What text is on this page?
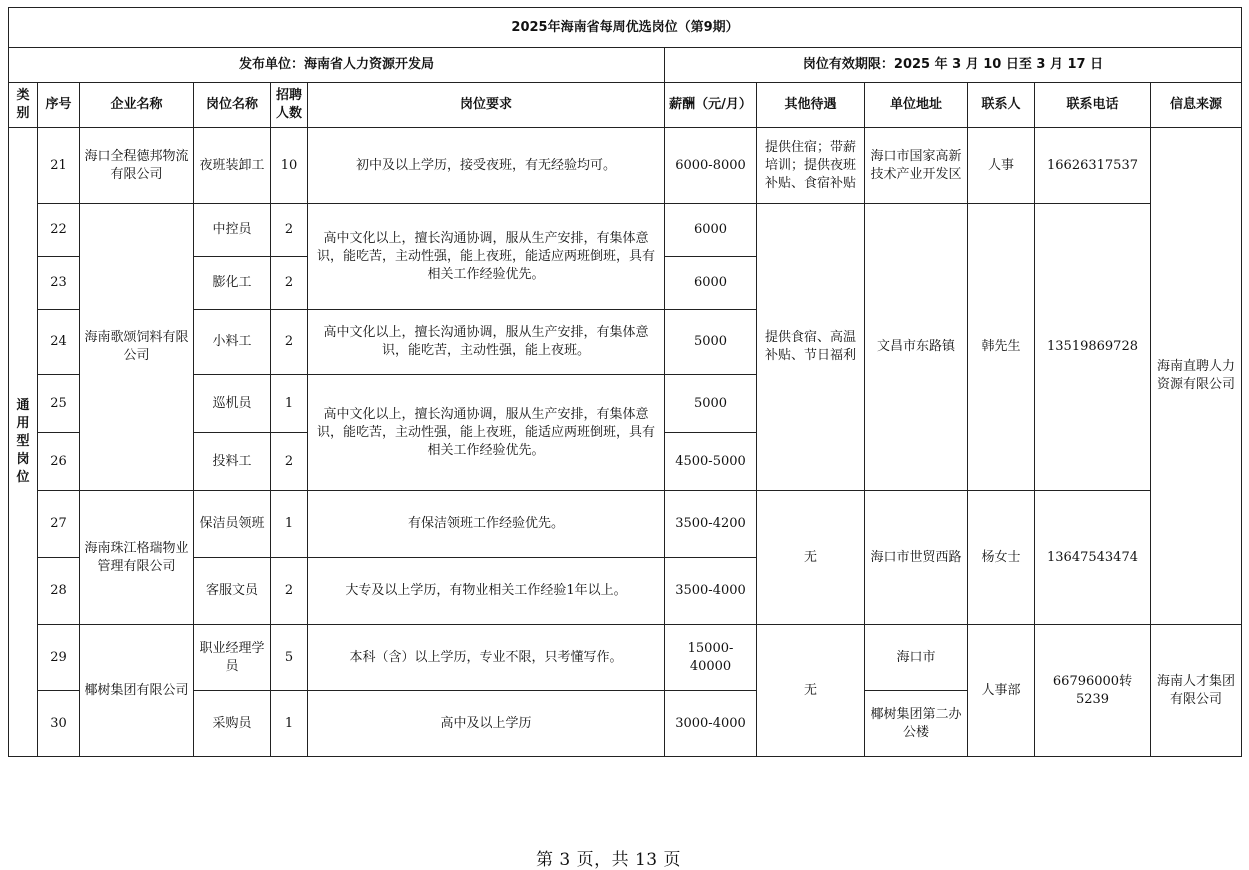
2025年海南省每周优选岗位（第9期）											
发布单位：海南省人力资源开发局						岗位有效期限：2025 年 3 月 10 日至 3 月 17 日					
类别	序号	企业名称	岗位名称	招聘人数	岗位要求	薪酬（元/月）	其他待遇	单位地址	联系人	联系电话	信息来源
通用型岗位	21	海口全程德邦物流有限公司	夜班装卸工	10	初中及以上学历，接受夜班，有无经验均可。	6000-8000	提供住宿；带薪培训；提供夜班补贴、食宿补贴	海口市国家高新技术产业开发区	人事	16626317537	海南直聘人力资源有限公司
	22	海南歌颂饲料有限公司	中控员	2	高中文化以上，擅长沟通协调，服从生产安排，有集体意识，能吃苦，主动性强，能上夜班，能适应两班倒班，具有相关工作经验优先。	6000	提供食宿、高温补贴、节日福利	文昌市东路镇	韩先生	13519869728	
	23		膨化工	2		6000					
	24		小料工	2	高中文化以上，擅长沟通协调，服从生产安排，有集体意识，能吃苦，主动性强，能上夜班。	5000					
	25		巡机员	1	高中文化以上，擅长沟通协调，服从生产安排，有集体意识，能吃苦，主动性强，能上夜班，能适应两班倒班，具有相关工作经验优先。	5000					
	26		投料工	2		4500-5000					
	27	海南珠江格瑞物业管理有限公司	保洁员领班	1	有保洁领班工作经验优先。	3500-4200	无	海口市世贸西路	杨女士	13647543474	
	28		客服文员	2	大专及以上学历，有物业相关工作经验1年以上。	3500-4000					
	29	椰树集团有限公司	职业经理学员	5	本科（含）以上学历，专业不限，只考懂写作。	15000-40000	无	海口市	人事部	66796000转5239	海南人才集团有限公司
	30		采购员	1	高中及以上学历	3000-4000		椰树集团第二办公楼			
第 3 页，共 13 页
